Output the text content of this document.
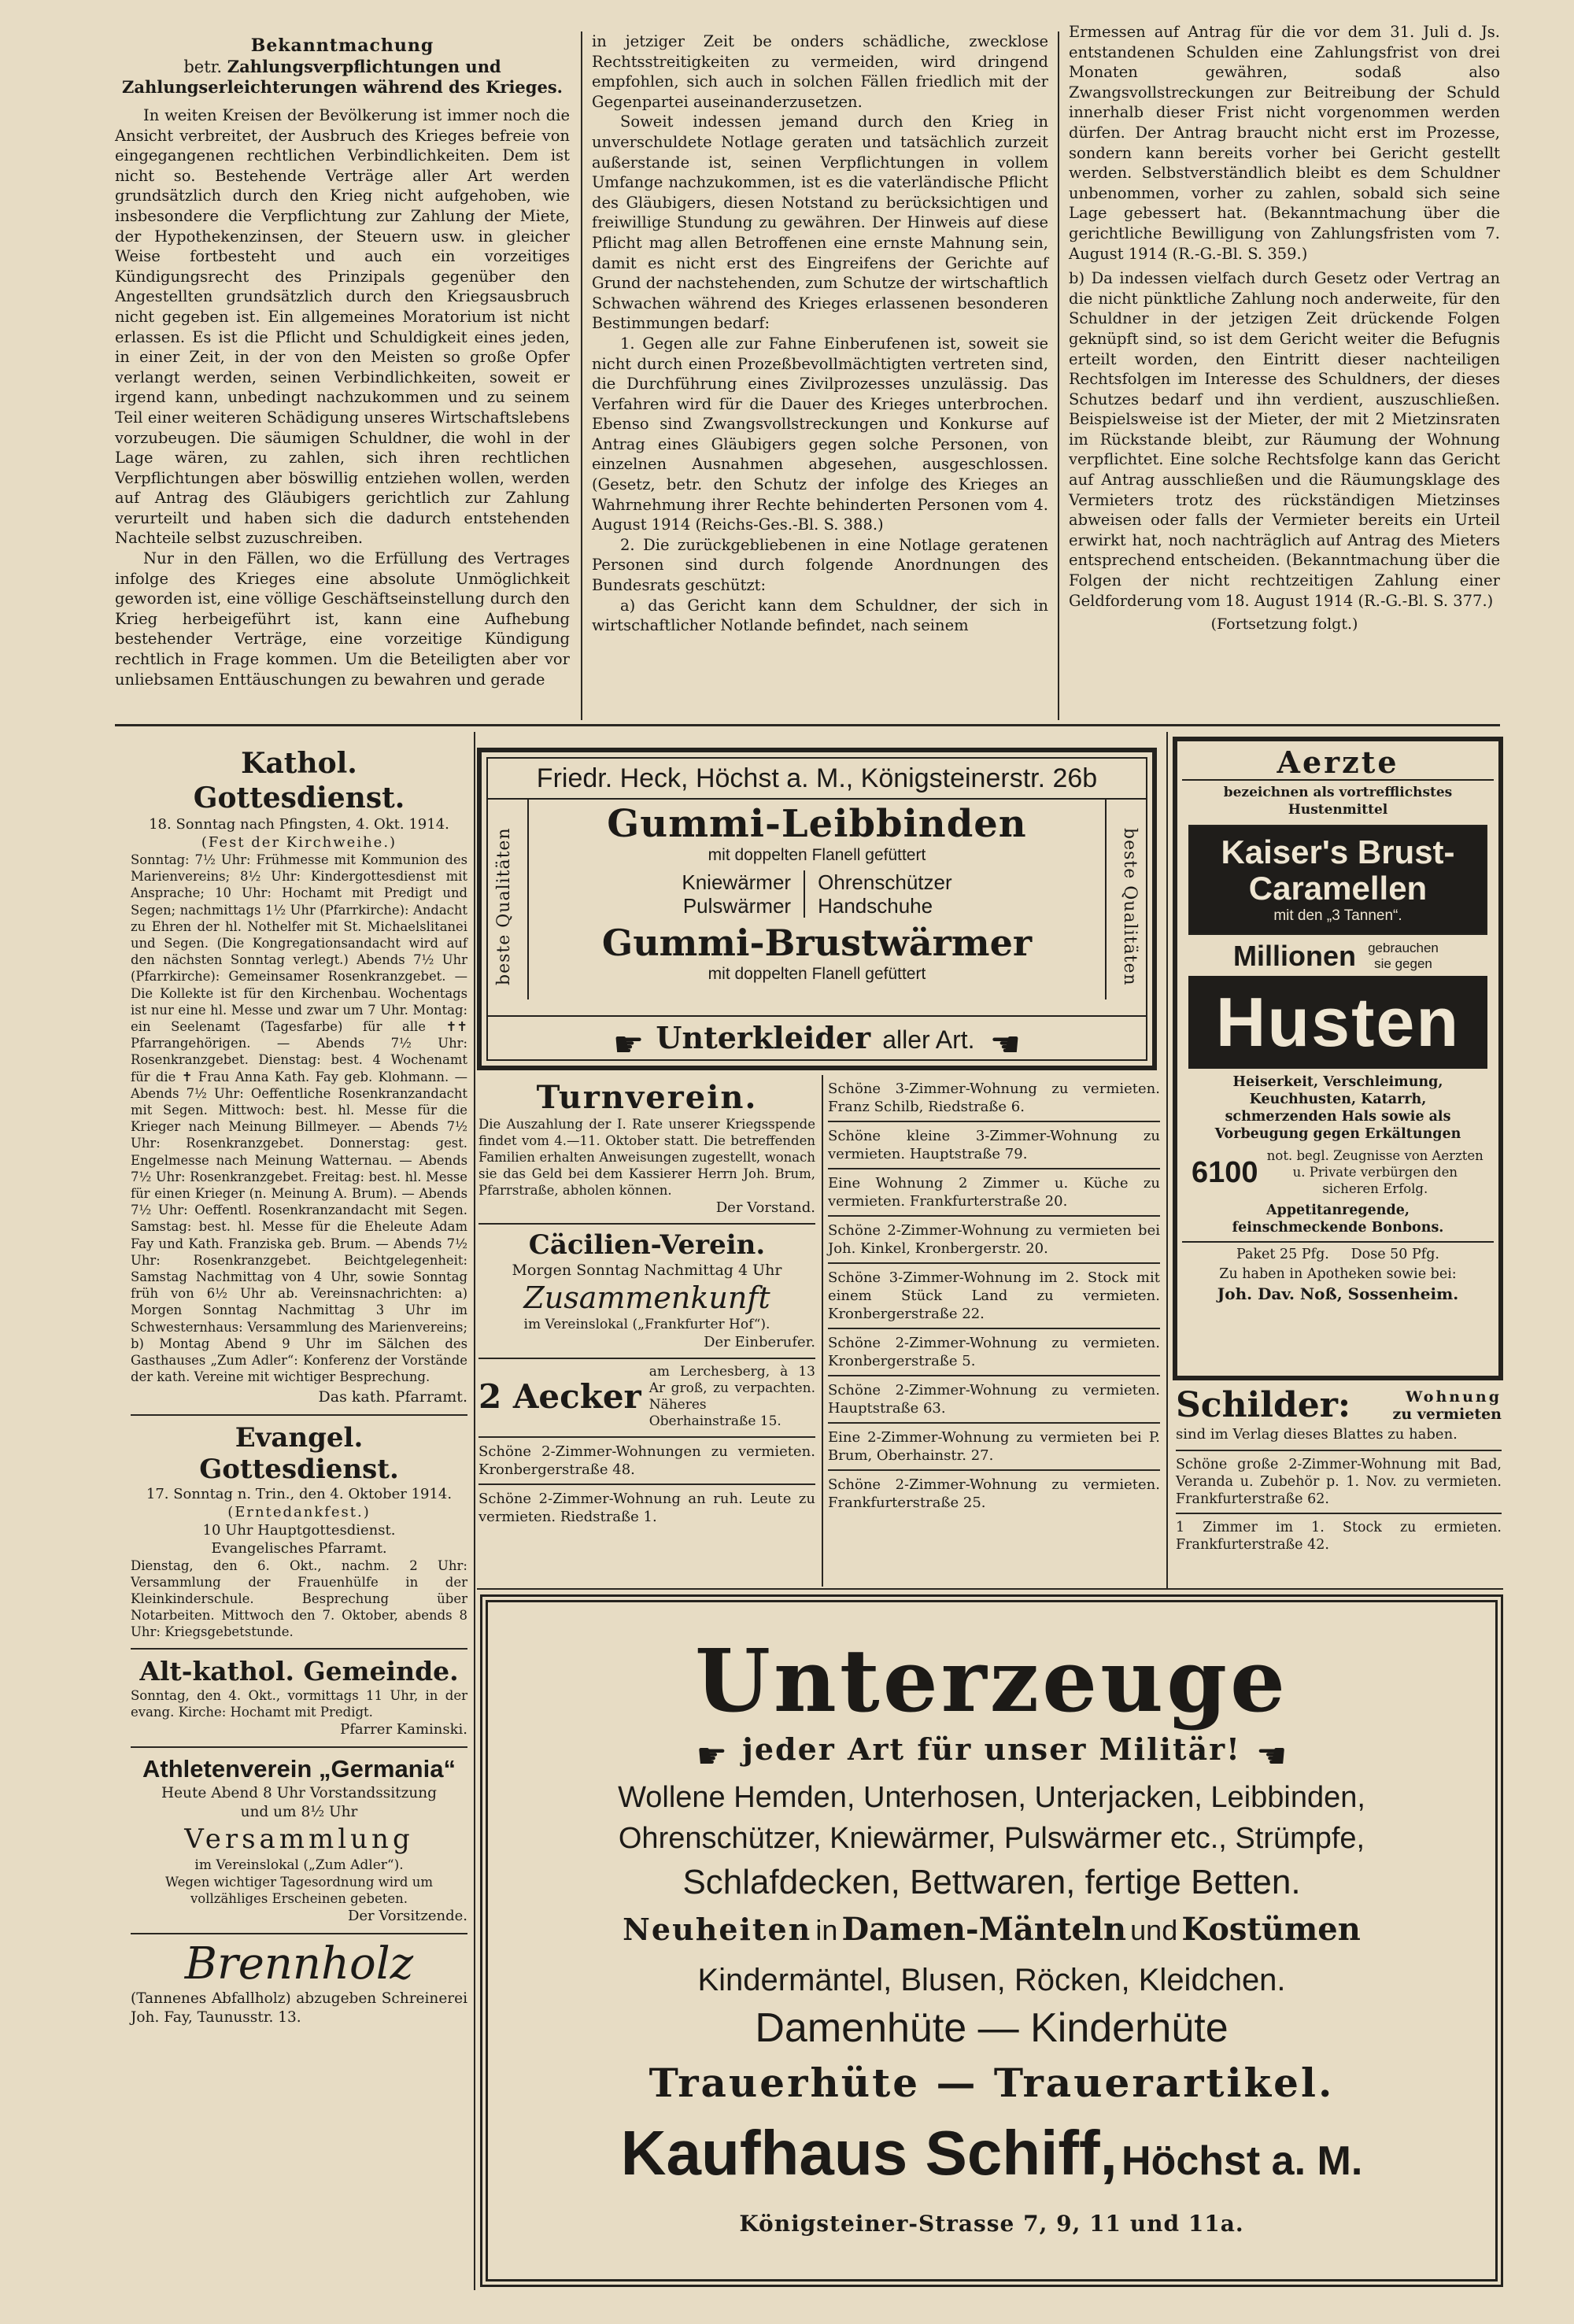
Bekanntmachung
betr. Zahlungsverpflichtungen und Zahlungserleichterungen während des Krieges.

In weiten Kreisen der Bevölkerung ist immer noch die Ansicht verbreitet, der Ausbruch des Krieges befreie von eingegangenen rechtlichen Verbindlichkeiten. Dem ist nicht so. Bestehende Verträge aller Art werden grundsätzlich durch den Krieg nicht aufgehoben, wie insbesondere die Verpflichtung zur Zahlung der Miete, der Hypothekenzinsen, der Steuern usw. in gleicher Weise fortbesteht und auch ein vorzeitiges Kündigungsrecht des Prinzipals gegenüber den Angestellten grundsätzlich durch den Kriegsausbruch nicht gegeben ist. Ein allgemeines Moratorium ist nicht erlassen. Es ist die Pflicht und Schuldigkeit eines jeden, in einer Zeit, in der von den Meisten so große Opfer verlangt werden, seinen Verbindlichkeiten, soweit er irgend kann, unbedingt nachzukommen und zu seinem Teil einer weiteren Schädigung unseres Wirtschaftslebens vorzubeugen. Die säumigen Schuldner, die wohl in der Lage wären, zu zahlen, sich ihren rechtlichen Verpflichtungen aber böswillig entziehen wollen, werden auf Antrag des Gläubigers gerichtlich zur Zahlung verurteilt und haben sich die dadurch entstehenden Nachteile selbst zuzuschreiben.

Nur in den Fällen, wo die Erfüllung des Vertrages infolge des Krieges eine absolute Unmöglichkeit geworden ist, eine völlige Geschäftseinstellung durch den Krieg herbeigeführt ist, kann eine Aufhebung bestehender Verträge, eine vorzeitige Kündigung rechtlich in Frage kommen. Um die Beteiligten aber vor unliebsamen Enttäuschungen zu bewahren und gerade

in jetziger Zeit be onders schädliche, zwecklose Rechtsstreitigkeiten zu vermeiden, wird dringend empfohlen, sich auch in solchen Fällen friedlich mit der Gegenpartei auseinanderzusetzen.

Soweit indessen jemand durch den Krieg in unverschuldete Notlage geraten und tatsächlich zurzeit außerstande ist, seinen Verpflichtungen in vollem Umfange nachzukommen, ist es die vaterländische Pflicht des Gläubigers, diesen Notstand zu berücksichtigen und freiwillige Stundung zu gewähren. Der Hinweis auf diese Pflicht mag allen Betroffenen eine ernste Mahnung sein, damit es nicht erst des Eingreifens der Gerichte auf Grund der nachstehenden, zum Schutze der wirtschaftlich Schwachen während des Krieges erlassenen besonderen Bestimmungen bedarf:

1. Gegen alle zur Fahne Einberufenen ist, soweit sie nicht durch einen Prozeßbevollmächtigten vertreten sind, die Durchführung eines Zivilprozesses unzulässig. Das Verfahren wird für die Dauer des Krieges unterbrochen. Ebenso sind Zwangsvollstreckungen und Konkurse auf Antrag eines Gläubigers gegen solche Personen, von einzelnen Ausnahmen abgesehen, ausgeschlossen. (Gesetz, betr. den Schutz der infolge des Krieges an Wahrnehmung ihrer Rechte behinderten Personen vom 4. August 1914 (Reichs-Ges.-Bl. S. 388.)

2. Die zurückgebliebenen in eine Notlage geratenen Personen sind durch folgende Anordnungen des Bundesrats geschützt:

a) das Gericht kann dem Schuldner, der sich in wirtschaftlicher Notlande befindet, nach seinem

Ermessen auf Antrag für die vor dem 31. Juli d. Js. entstandenen Schulden eine Zahlungsfrist von drei Monaten gewähren, sodaß also Zwangsvollstreckungen zur Beitreibung der Schuld innerhalb dieser Frist nicht vorgenommen werden dürfen. Der Antrag braucht nicht erst im Prozesse, sondern kann bereits vorher bei Gericht gestellt werden. Selbstverständlich bleibt es dem Schuldner unbenommen, vorher zu zahlen, sobald sich seine Lage gebessert hat. (Bekanntmachung über die gerichtliche Bewilligung von Zahlungsfristen vom 7. August 1914 (R.-G.-Bl. S. 359.)

b) Da indessen vielfach durch Gesetz oder Vertrag an die nicht pünktliche Zahlung noch anderweite, für den Schuldner in der jetzigen Zeit drückende Folgen geknüpft sind, so ist dem Gericht weiter die Befugnis erteilt worden, den Eintritt dieser nachteiligen Rechtsfolgen im Interesse des Schuldners, der dieses Schutzes bedarf und ihn verdient, auszuschließen. Beispielsweise ist der Mieter, der mit 2 Mietzinsraten im Rückstande bleibt, zur Räumung der Wohnung verpflichtet. Eine solche Rechtsfolge kann das Gericht auf Antrag ausschließen und die Räumungsklage des Vermieters trotz des rückständigen Mietzinses abweisen oder falls der Vermieter bereits ein Urteil erwirkt hat, noch nachträglich auf Antrag des Mieters entsprechend entscheiden. (Bekanntmachung über die Folgen der nicht rechtzeitigen Zahlung einer Geldforderung vom 18. August 1914 (R.-G.-Bl. S. 377.)

(Fortsetzung folgt.)

Kathol. Gottesdienst.
18. Sonntag nach Pfingsten, 4. Okt. 1914.
(Fest der Kirchweihe.)

Sonntag: 7½ Uhr: Frühmesse mit Kommunion des Marienvereins; 8½ Uhr: Kindergottesdienst mit Ansprache; 10 Uhr: Hochamt mit Predigt und Segen; nachmittags 1½ Uhr (Pfarrkirche): Andacht zu Ehren der hl. Nothelfer mit St. Michaelslitanei und Segen. (Die Kongregationsandacht wird auf den nächsten Sonntag verlegt.) Abends 7½ Uhr (Pfarrkirche): Gemeinsamer Rosenkranzgebet. — Die Kollekte ist für den Kirchenbau. Wochentags ist nur eine hl. Messe und zwar um 7 Uhr. Montag: ein Seelenamt (Tagesfarbe) für alle ✝✝ Pfarrangehörigen. — Abends 7½ Uhr: Rosenkranzgebet. Dienstag: best. 4 Wochenamt für die ✝ Frau Anna Kath. Fay geb. Klohmann. — Abends 7½ Uhr: Oeffentliche Rosenkranzandacht mit Segen. Mittwoch: best. hl. Messe für die Krieger nach Meinung Billmeyer. — Abends 7½ Uhr: Rosenkranzgebet. Donnerstag: gest. Engelmesse nach Meinung Watternau. — Abends 7½ Uhr: Rosenkranzgebet. Freitag: best. hl. Messe für einen Krieger (n. Meinung A. Brum). — Abends 7½ Uhr: Oeffentl. Rosenkranzandacht mit Segen. Samstag: best. hl. Messe für die Eheleute Adam Fay und Kath. Franziska geb. Brum. — Abends 7½ Uhr: Rosenkranzgebet. Beichtgelegenheit: Samstag Nachmittag von 4 Uhr, sowie Sonntag früh von 6½ Uhr ab. Vereinsnachrichten: a) Morgen Sonntag Nachmittag 3 Uhr im Schwesternhaus: Versammlung des Marienvereins; b) Montag Abend 9 Uhr im Sälchen des Gasthauses „Zum Adler“: Konferenz der Vorstände der kath. Vereine mit wichtiger Besprechung.

Das kath. Pfarramt.
Evangel. Gottesdienst.
17. Sonntag n. Trin., den 4. Oktober 1914.
(Erntedankfest.)
10 Uhr Hauptgottesdienst.
Evangelisches Pfarramt.

Dienstag, den 6. Okt., nachm. 2 Uhr: Versammlung der Frauenhülfe in der Kleinkinderschule. Besprechung über Notarbeiten. Mittwoch den 7. Oktober, abends 8 Uhr: Kriegsgebetstunde.

Alt-kathol. Gemeinde.

Sonntag, den 4. Okt., vormittags 11 Uhr, in der evang. Kirche: Hochamt mit Predigt.

Pfarrer Kaminski.
Athletenverein „Germania“
Heute Abend 8 Uhr Vorstandssitzung
und um 8½ Uhr
Versammlung
im Vereinslokal („Zum Adler“).
Wegen wichtiger Tagesordnung wird um vollzähliges Erscheinen gebeten.
Der Vorsitzende.
Brennholz

(Tannenes Abfallholz) abzugeben Schreinerei Joh. Fay, Taunusstr. 13.

Friedr. Heck, Höchst a. M., Königsteinerstr. 26b
beste Qualitäten	beste Qualitäten
Gummi-Leibbinden
mit doppelten Flanell gefüttert
Kniewärmer
Pulswärmer
Ohrenschützer
Handschuhe
Gummi-Brustwärmer
mit doppelten Flanell gefüttert
☛ Unterkleider aller Art. ☚
Turnverein.

Die Auszahlung der I. Rate unserer Kriegsspende findet vom 4.—11. Oktober statt. Die betreffenden Familien erhalten Anweisungen zugestellt, wonach sie das Geld bei dem Kassierer Herrn Joh. Brum, Pfarrstraße, abholen können.

Der Vorstand.
Cäcilien-Verein.
Morgen Sonntag Nachmittag 4 Uhr
Zusammenkunft
im Vereinslokal („Frankfurter Hof“).
Der Einberufer.
2 Aecker

am Lerchesberg, à 13 Ar groß, zu verpachten. Näheres Oberhainstraße 15.

Schöne 2-Zimmer-Wohnungen zu vermieten. Kronbergerstraße 48.

Schöne 2-Zimmer-Wohnung an ruh. Leute zu vermieten. Riedstraße 1.

Schöne 3-Zimmer-Wohnung zu vermieten. Franz Schilb, Riedstraße 6.

Schöne kleine 3-Zimmer-Wohnung zu vermieten. Hauptstraße 79.

Eine Wohnung 2 Zimmer u. Küche zu vermieten. Frankfurterstraße 20.

Schöne 2-Zimmer-Wohnung zu vermieten bei Joh. Kinkel, Kronbergerstr. 20.

Schöne 3-Zimmer-Wohnung im 2. Stock mit einem Stück Land zu vermieten. Kronbergerstraße 22.

Schöne 2-Zimmer-Wohnung zu vermieten. Kronbergerstraße 5.

Schöne 2-Zimmer-Wohnung zu vermieten. Hauptstraße 63.

Eine 2-Zimmer-Wohnung zu vermieten bei P. Brum, Oberhainstr. 27.

Schöne 2-Zimmer-Wohnung zu vermieten. Frankfurterstraße 25.

Aerzte
bezeichnen als vortrefflichstes Hustenmittel
Kaiser's Brust-
Caramellen
mit den „3 Tannen“.
Millionen gebrauchen sie gegen
Husten
Heiserkeit, Verschleimung, Keuchhusten, Katarrh, schmerzenden Hals sowie als Vorbeugung gegen Erkältungen
6100 not. begl. Zeugnisse von Aerzten u. Private verbürgen den sicheren Erfolg.
Appetitanregende, feinschmeckende Bonbons.
Paket 25 Pfg.     Dose 50 Pfg.
Zu haben in Apotheken sowie bei:
Joh. Dav. Noß, Sossenheim.
Schilder:	Wohnung
zu vermieten
sind im Verlag dieses Blattes zu haben.

Schöne große 2-Zimmer-Wohnung mit Bad, Veranda u. Zubehör p. 1. Nov. zu vermieten. Frankfurterstraße 62.

1 Zimmer im 1. Stock zu ermieten. Frankfurterstraße 42.

Unterzeuge
☛ jeder Art für unser Militär! ☚
Wollene Hemden, Unterhosen, Unterjacken, Leibbinden,
Ohrenschützer, Kniewärmer, Pulswärmer etc., Strümpfe,
Schlafdecken, Bettwaren, fertige Betten.
Neuheiten in Damen-Mänteln und Kostümen
Kindermäntel, Blusen, Röcken, Kleidchen.
Damenhüte — Kinderhüte
Trauerhüte — Trauerartikel.
Kaufhaus Schiff, Höchst a. M.
Königsteiner-Strasse 7, 9, 11 und 11a.
